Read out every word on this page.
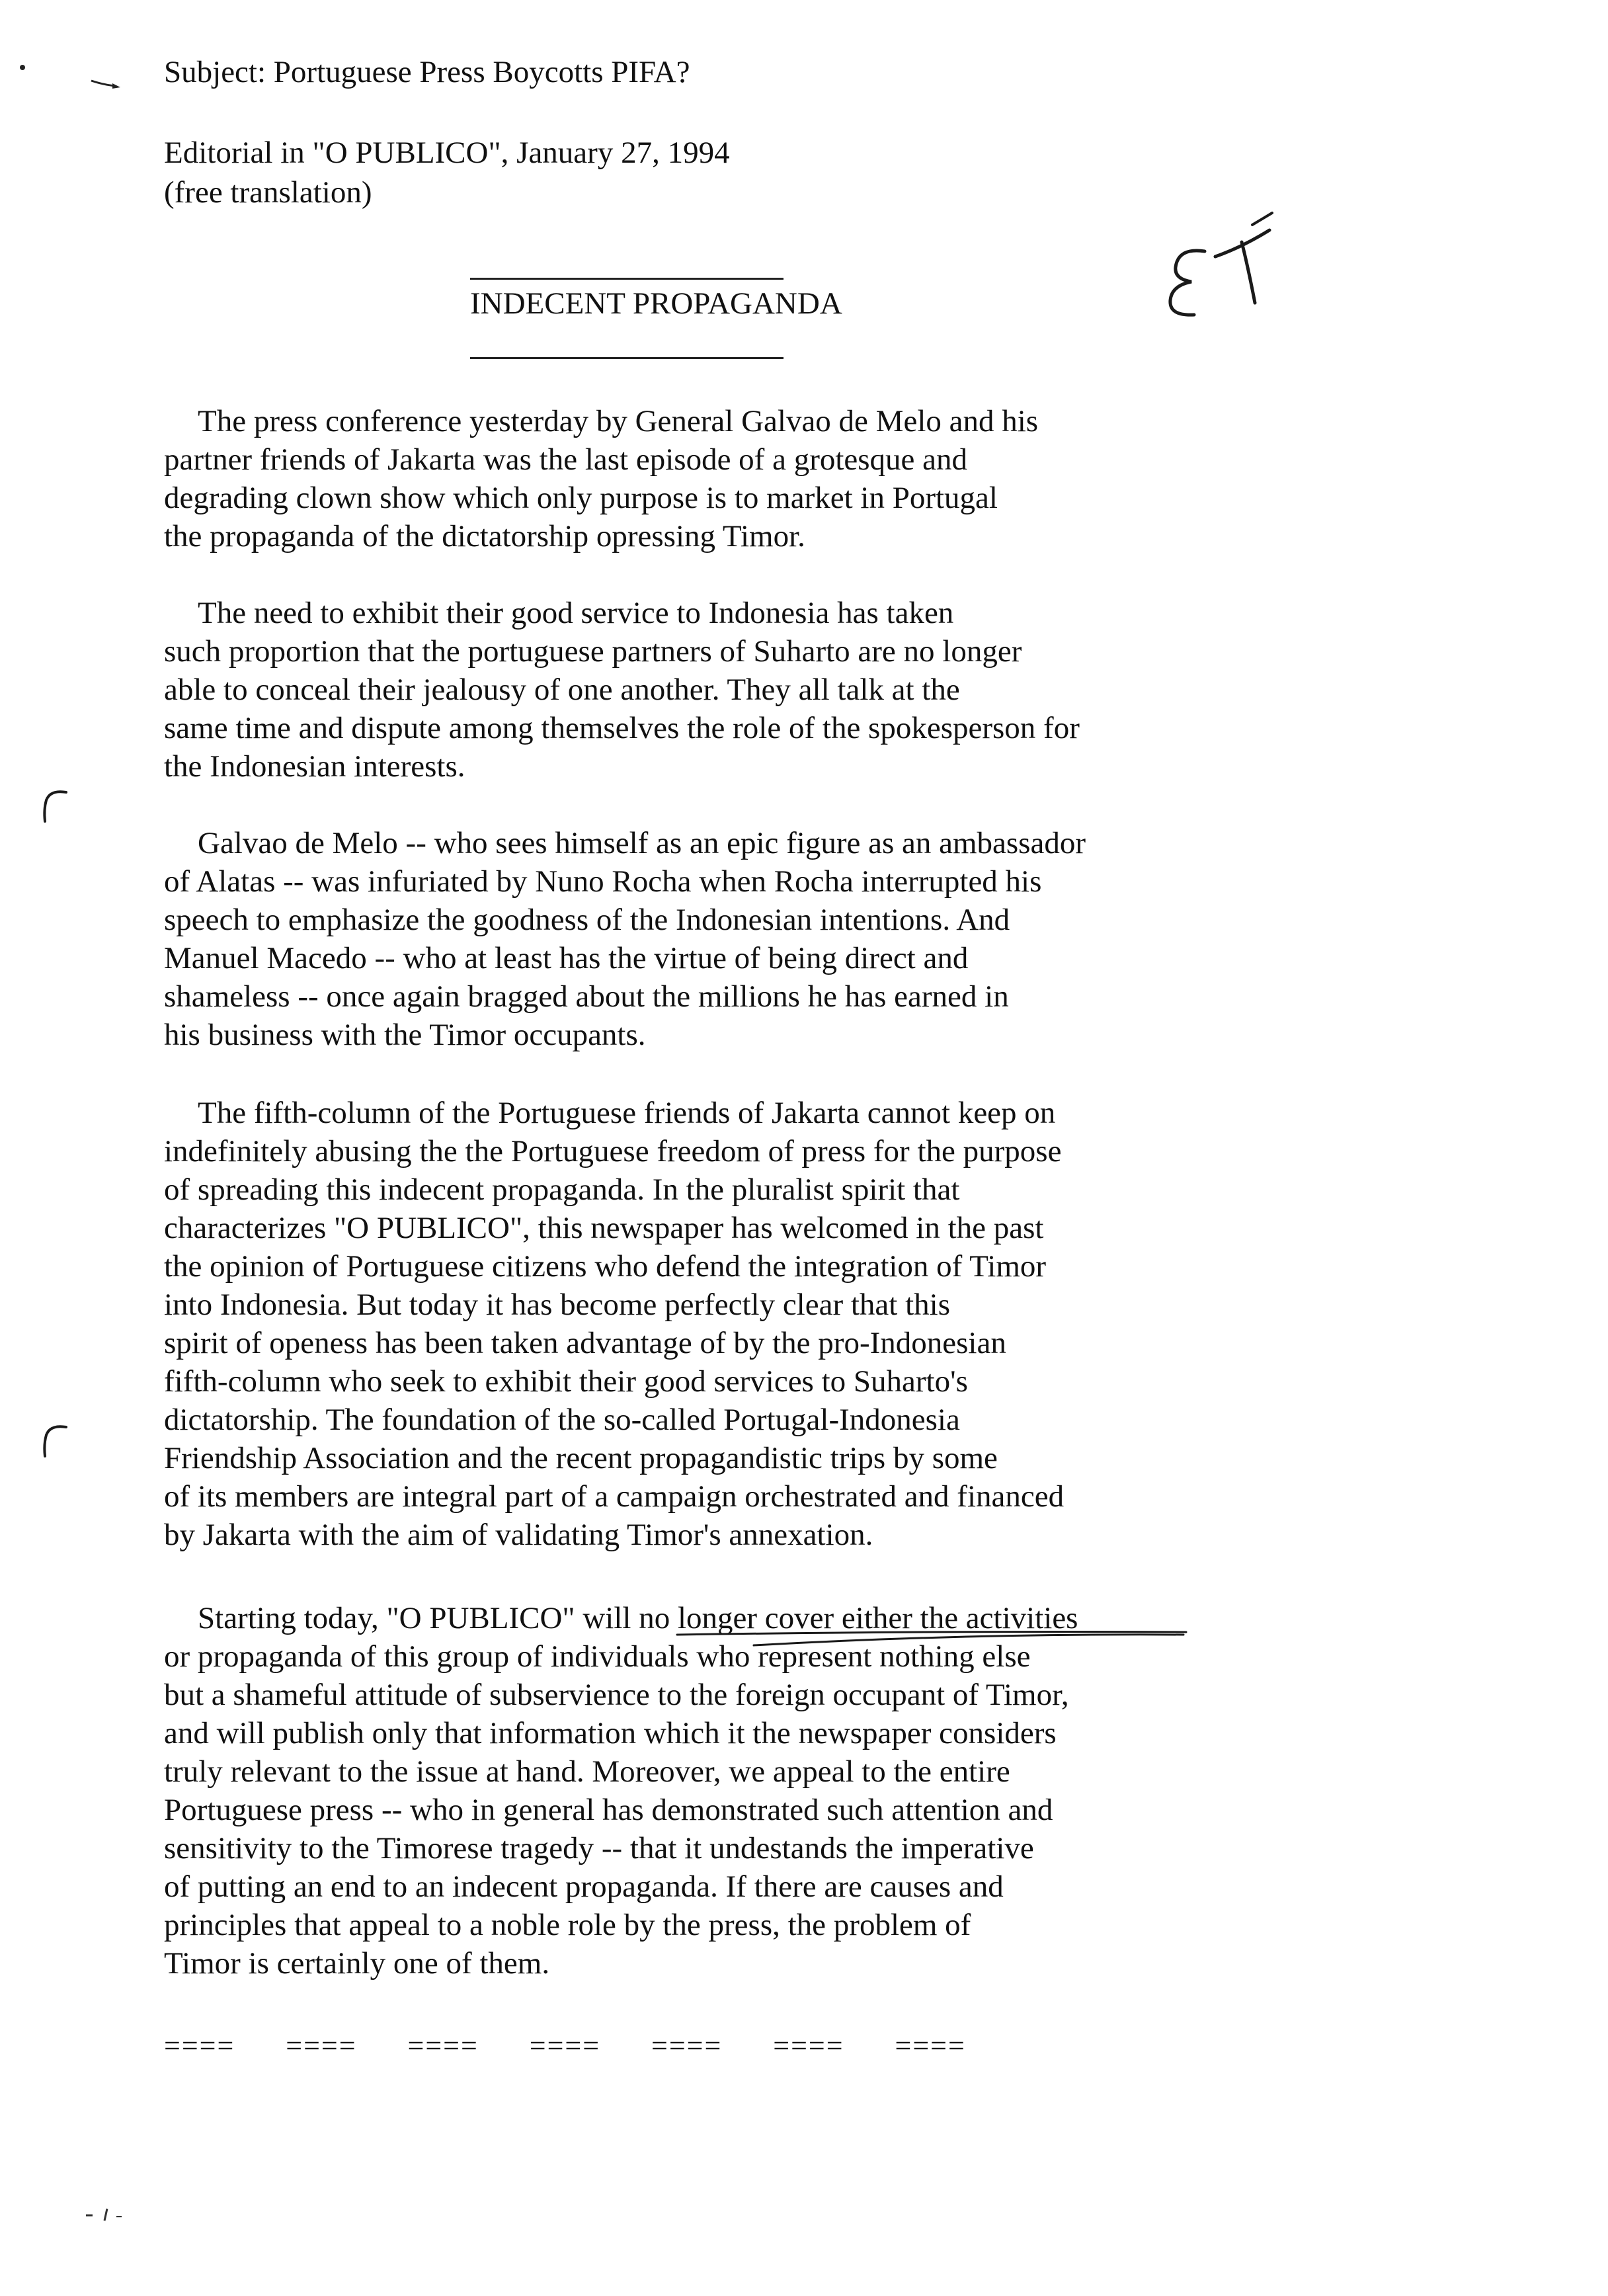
Subject: Portuguese Press Boycotts PIFA?
Editorial in "O PUBLICO", January 27, 1994
(free translation)
INDECENT PROPAGANDA
The press conference yesterday by General Galvao de Melo and his
partner friends of Jakarta was the last episode of a grotesque and
degrading clown show which only purpose is to market in Portugal
the propaganda of the dictatorship opressing Timor.
The need to exhibit their good service to Indonesia has taken
such proportion that the portuguese partners of Suharto are no longer
able to conceal their jealousy of one another. They all talk at the
same time and dispute among themselves the role of the spokesperson for
the Indonesian interests.
Galvao de Melo -- who sees himself as an epic figure as an ambassador
of Alatas -- was infuriated by Nuno Rocha when Rocha interrupted his
speech to emphasize the goodness of the Indonesian intentions. And
Manuel Macedo -- who at least has the virtue of being direct and
shameless -- once again bragged about the millions he has earned in
his business with the Timor occupants.
The fifth-column of the Portuguese friends of Jakarta cannot keep on
indefinitely abusing the the Portuguese freedom of press for the purpose
of spreading this indecent propaganda. In the pluralist spirit that
characterizes "O PUBLICO", this newspaper has welcomed in the past
the opinion of Portuguese citizens who defend the integration of Timor
into Indonesia. But today it has become perfectly clear that this
spirit of openess has been taken advantage of by the pro-Indonesian
fifth-column who seek to exhibit their good services to Suharto's
dictatorship. The foundation of the so-called Portugal-Indonesia
Friendship Association and the recent propagandistic trips by some
of its members are integral part of a campaign orchestrated and financed
by Jakarta with the aim of validating Timor's annexation.
Starting today, "O PUBLICO" will no longer cover either the activities
or propaganda of this group of individuals who represent nothing else
but a shameful attitude of subservience to the foreign occupant of Timor,
and will publish only that information which it the newspaper considers
truly relevant to the issue at hand. Moreover, we appeal to the entire
Portuguese press -- who in general has demonstrated such attention and
sensitivity to the Timorese tragedy -- that it undestands the imperative
of putting an end to an indecent propaganda. If there are causes and
principles that appeal to a noble role by the press, the problem of
Timor is certainly one of them.
==== ==== ==== ==== ==== ==== ====
